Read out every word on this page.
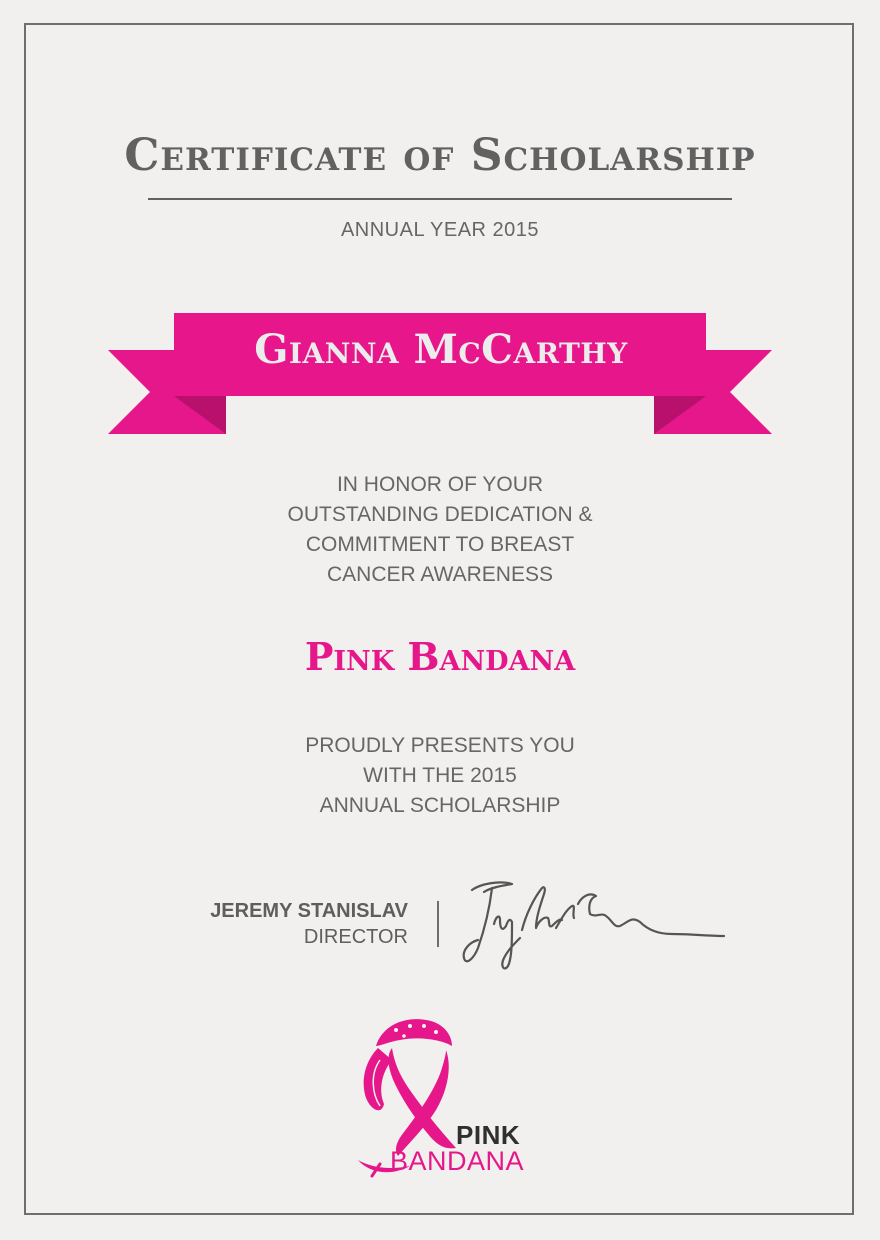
Certificate of Scholarship
ANNUAL YEAR 2015
Gianna McCarthy
IN HONOR OF YOUR
OUTSTANDING DEDICATION &
COMMITMENT TO BREAST
CANCER AWARENESS
Pink Bandana
PROUDLY PRESENTS YOU
WITH THE 2015
ANNUAL SCHOLARSHIP
JEREMY STANISLAV
DIRECTOR
PINK
BANDANA
